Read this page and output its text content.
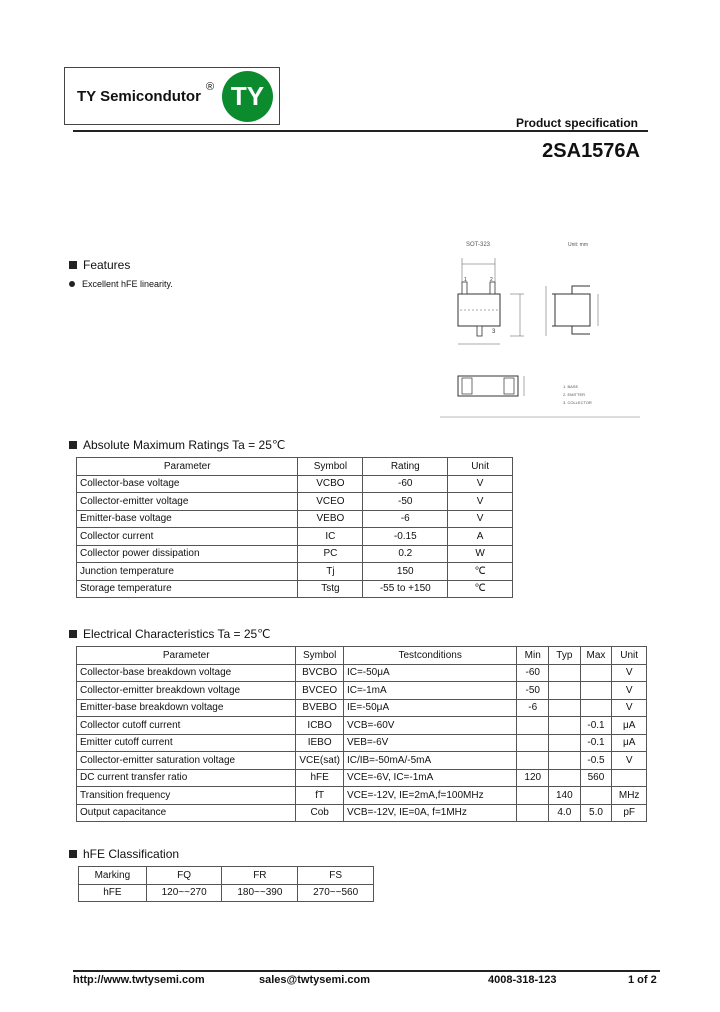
TY Semicondutor
® TY
Product specification
2SA1576A
SOT-323	Unit: mm
3
1	2
1. BASE
2. EMITTER
3. COLLECTOR
Features
Excellent hFE linearity.
Absolute Maximum Ratings Ta = 25℃
Parameter	Symbol	Rating	Unit
Collector-base voltage	VCBO	-60	V
Collector-emitter voltage	VCEO	-50	V
Emitter-base voltage	VEBO	-6	V
Collector current	IC	-0.15	A
Collector power dissipation	PC	0.2	W
Junction temperature	Tj	150	℃
Storage temperature	Tstg	-55 to +150	℃
Electrical Characteristics Ta = 25℃
Parameter	Symbol	Testconditions	Min	Typ	Max	Unit
Collector-base breakdown voltage	BVCBO	IC=-50μA	-60			V
Collector-emitter breakdown voltage	BVCEO	IC=-1mA	-50			V
Emitter-base breakdown voltage	BVEBO	IE=-50μA	-6			V
Collector cutoff current	ICBO	VCB=-60V			-0.1	μA
Emitter cutoff current	IEBO	VEB=-6V			-0.1	μA
Collector-emitter saturation voltage	VCE(sat)	IC/IB=-50mA/-5mA			-0.5	V
DC current transfer ratio	hFE	VCE=-6V, IC=-1mA	120		560	
Transition frequency	fT	VCE=-12V, IE=2mA,f=100MHz		140		MHz
Output capacitance	Cob	VCB=-12V, IE=0A, f=1MHz		4.0	5.0	pF
hFE Classification
Marking	FQ	FR	FS
hFE	120~~270	180~~390	270~~560
http://www.twtysemi.com	sales@twtysemi.com	4008-318-123	1 of 2
